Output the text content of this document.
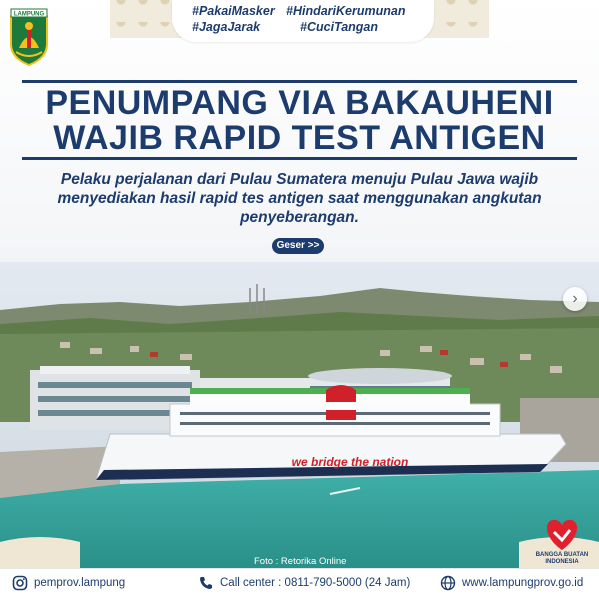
#PakaiMasker #HindariKerumunan
#JagaJarak	#CuciTangan
LAMPUNG
PENUMPANG VIA BAKAUHENI
WAJIB RAPID TEST ANTIGEN
Pelaku perjalanan dari Pulau Sumatera menuju Pulau Jawa wajib menyediakan hasil rapid tes antigen saat menggunakan angkutan penyeberangan.
Geser >>
we bridge the nation
›
Foto : Retorika Online
BANGGA BUATAN INDONESIA
pemprov.lampung	Call center : 0811-790-5000 (24 Jam)	www.lampungprov.go.id
